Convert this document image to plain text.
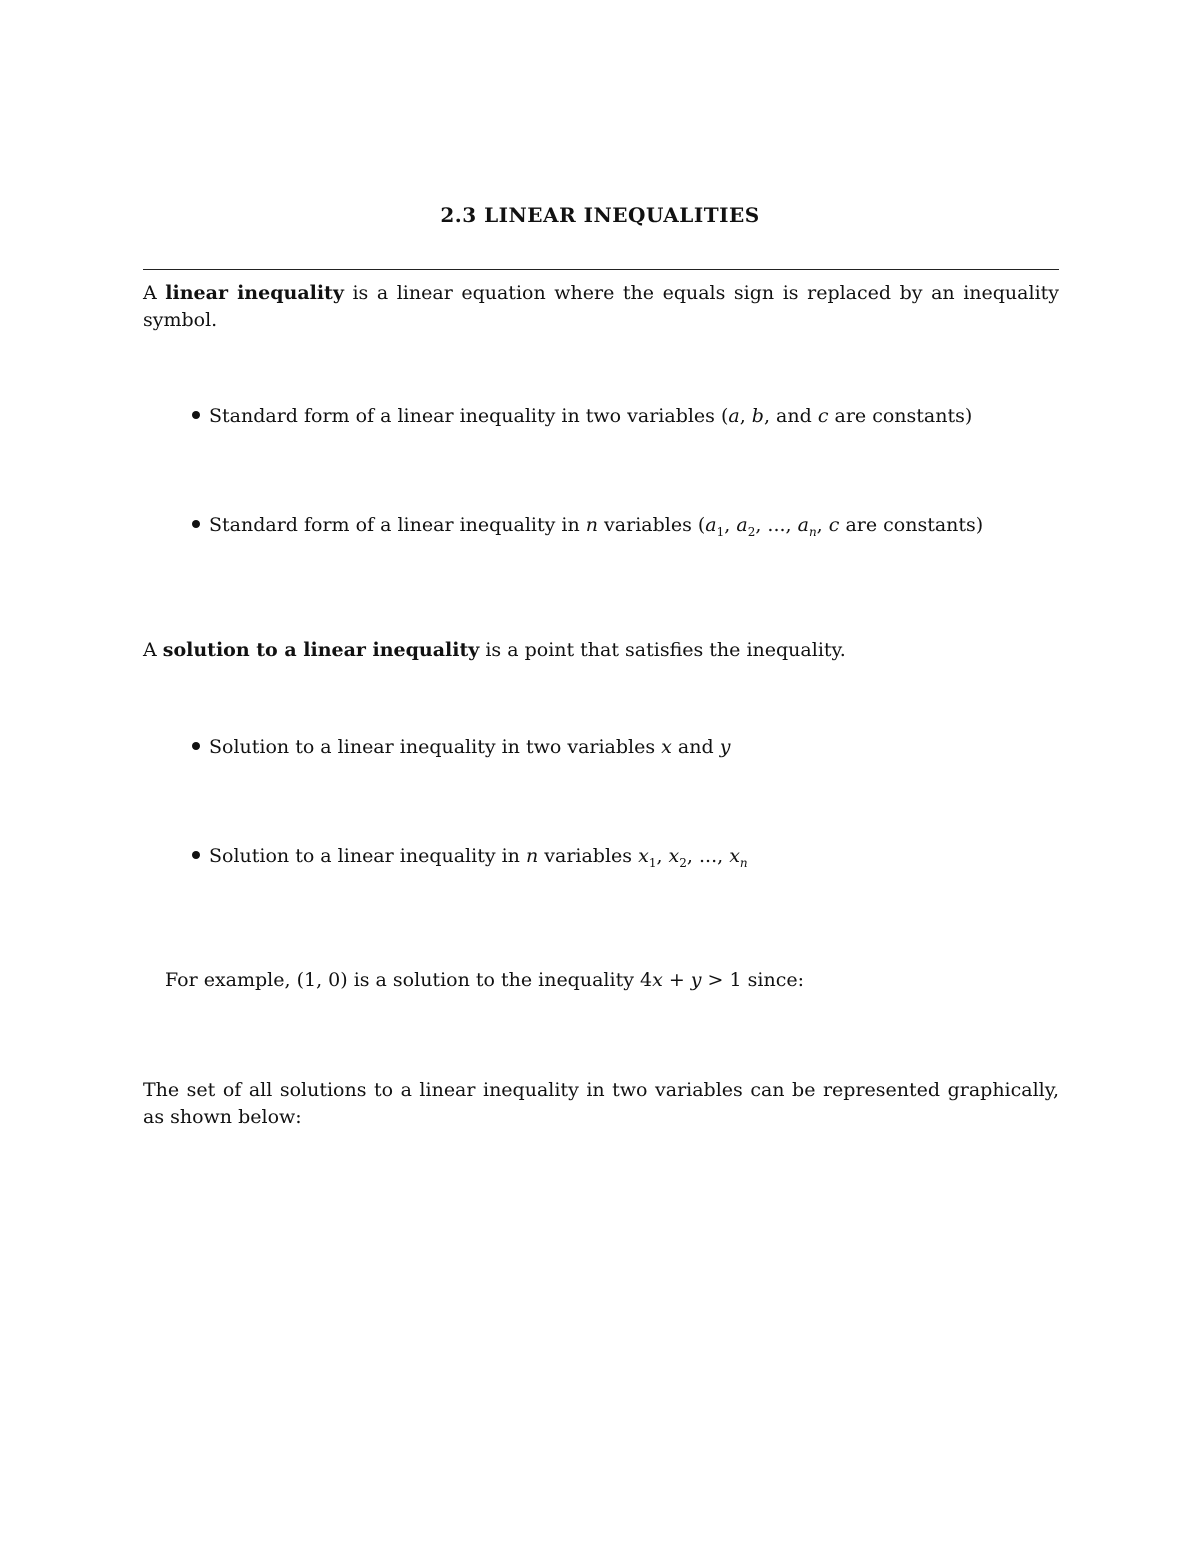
2.3 LINEAR INEQUALITIES
A linear inequality is a linear equation where the equals sign is replaced by an inequality symbol.
Standard form of a linear inequality in two variables (a, b, and c are constants)
Standard form of a linear inequality in n variables ($a_1$, $a_2$, ..., $a_n$, c are constants)
A solution to a linear inequality is a point that satisfies the inequality.
Solution to a linear inequality in two variables x and y
Solution to a linear inequality in n variables $x_1$, $x_2$, ..., $x_n$
For example, (1, 0) is a solution to the inequality 4x + y > 1 since:
The set of all solutions to a linear inequality in two variables can be represented graphically, as shown below:
